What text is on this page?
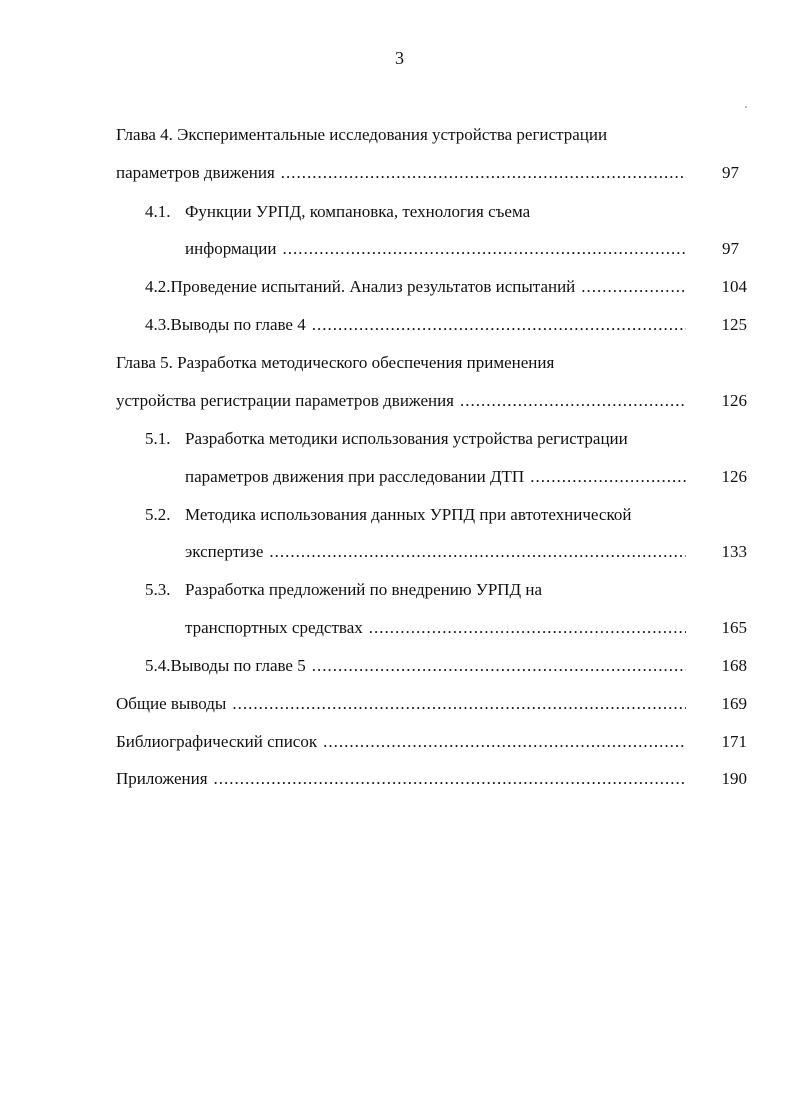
3
Глава 4. Экспериментальные исследования устройства регистрации
параметров движения .....	97
4.1. Функции УРПД, компановка, технология съема
информации .....	97
4.2. Проведение испытаний. Анализ результатов испытаний .....	104
4.3. Выводы по главе 4 .....	125
Глава 5. Разработка методического обеспечения применения
устройства регистрации параметров движения .....	126
5.1. Разработка методики использования устройства регистрации
параметров движения при расследовании ДТП .....	126
5.2. Методика использования данных УРПД при автотехнической
экспертизе .....	133
5.3. Разработка предложений по внедрению УРПД на
транспортных средствах .....	165
5.4. Выводы по главе 5 .....	168
Общие выводы .....	169
Библиографический список .....	171
Приложения .....	190
